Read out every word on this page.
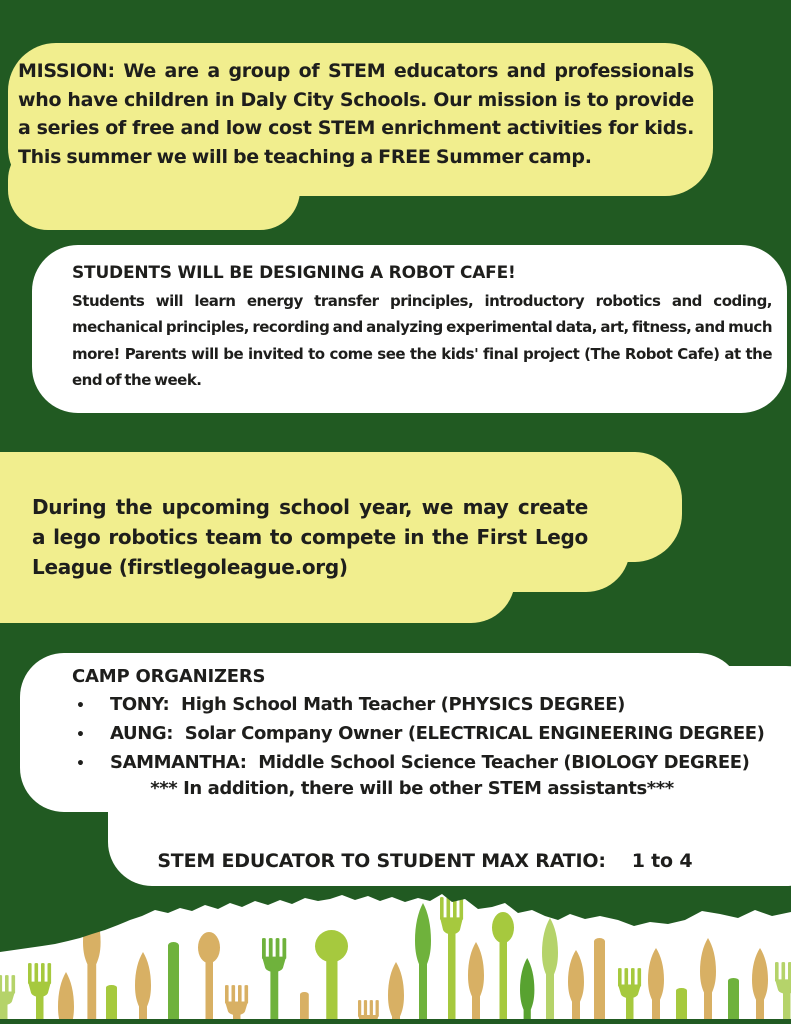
MISSION: We are a group of STEM educators and professionals who have children in Daly City Schools. Our mission is to provide a series of free and low cost STEM enrichment activities for kids. This summer we will be teaching a FREE Summer camp.
STUDENTS WILL BE DESIGNING A ROBOT CAFE!

Students will learn energy transfer principles, introductory robotics and coding, mechanical principles, recording and analyzing experimental data, art, fitness, and much more! Parents will be invited to come see the kids' final project (The Robot Cafe) at the end of the week.

During the upcoming school year, we may create a lego robotics team to compete in the First Lego League (firstlegoleague.org)
CAMP ORGANIZERS
•	TONY:  High School Math Teacher (PHYSICS DEGREE)
•	AUNG:  Solar Company Owner (ELECTRICAL ENGINEERING DEGREE)
•	SAMMANTHA:  Middle School Science Teacher (BIOLOGY DEGREE)
*** In addition, there will be other STEM assistants***

STEM EDUCATOR TO STUDENT MAX RATIO: 1 to 4
